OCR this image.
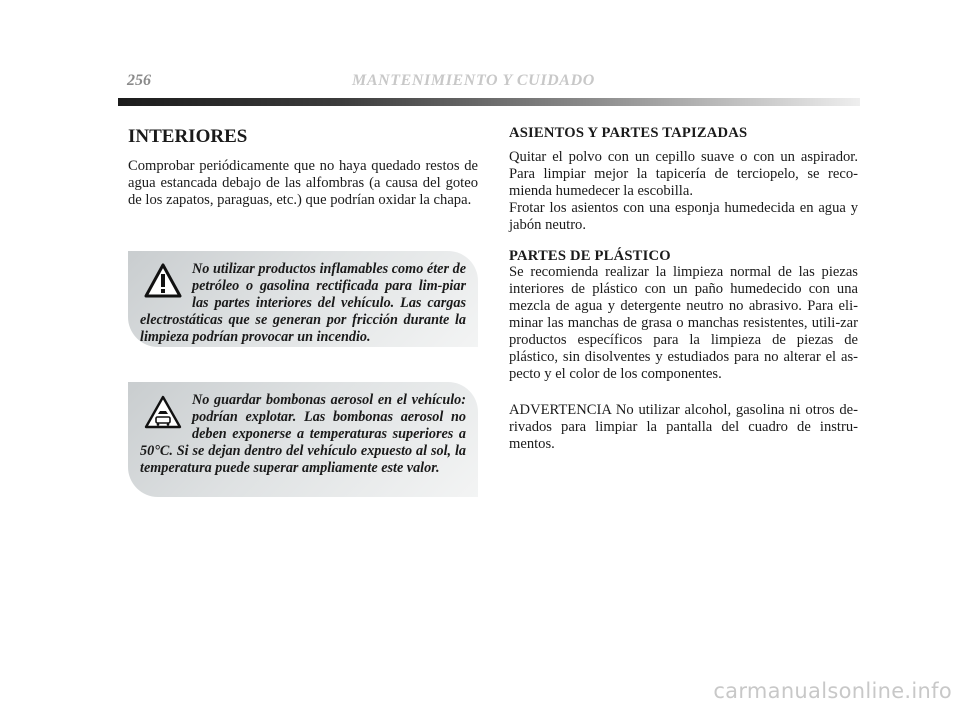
256	MANTENIMIENTO Y CUIDADO
INTERIORES

Comprobar periódicamente que no haya quedado restos de agua estancada debajo de las alfombras (a causa del goteo de los zapatos, paraguas, etc.) que podrían oxidar la chapa.

No utilizar productos inflamables como éter de petróleo o gasolina rectificada para lim-piar las partes interiores del vehículo. Las cargas electrostáticas que se generan por fricción durante la limpieza podrían provocar un incendio.

No guardar bombonas aerosol en el vehículo: podrían explotar. Las bombonas aerosol no deben exponerse a temperaturas superiores a 50°C. Si se dejan dentro del vehículo expuesto al sol, la temperatura puede superar ampliamente este valor.

ASIENTOS Y PARTES TAPIZADAS

Quitar el polvo con un cepillo suave o con un aspirador. Para limpiar mejor la tapicería de terciopelo, se reco-mienda humedecer la escobilla.

Frotar los asientos con una esponja humedecida en agua y jabón neutro.

PARTES DE PLÁSTICO

Se recomienda realizar la limpieza normal de las piezas interiores de plástico con un paño humedecido con una mezcla de agua y detergente neutro no abrasivo. Para eli-minar las manchas de grasa o manchas resistentes, utili-zar productos específicos para la limpieza de piezas de plástico, sin disolventes y estudiados para no alterar el as-pecto y el color de los componentes.

ADVERTENCIA No utilizar alcohol, gasolina ni otros de-rivados para limpiar la pantalla del cuadro de instru-mentos.

carmanualsonline.info
